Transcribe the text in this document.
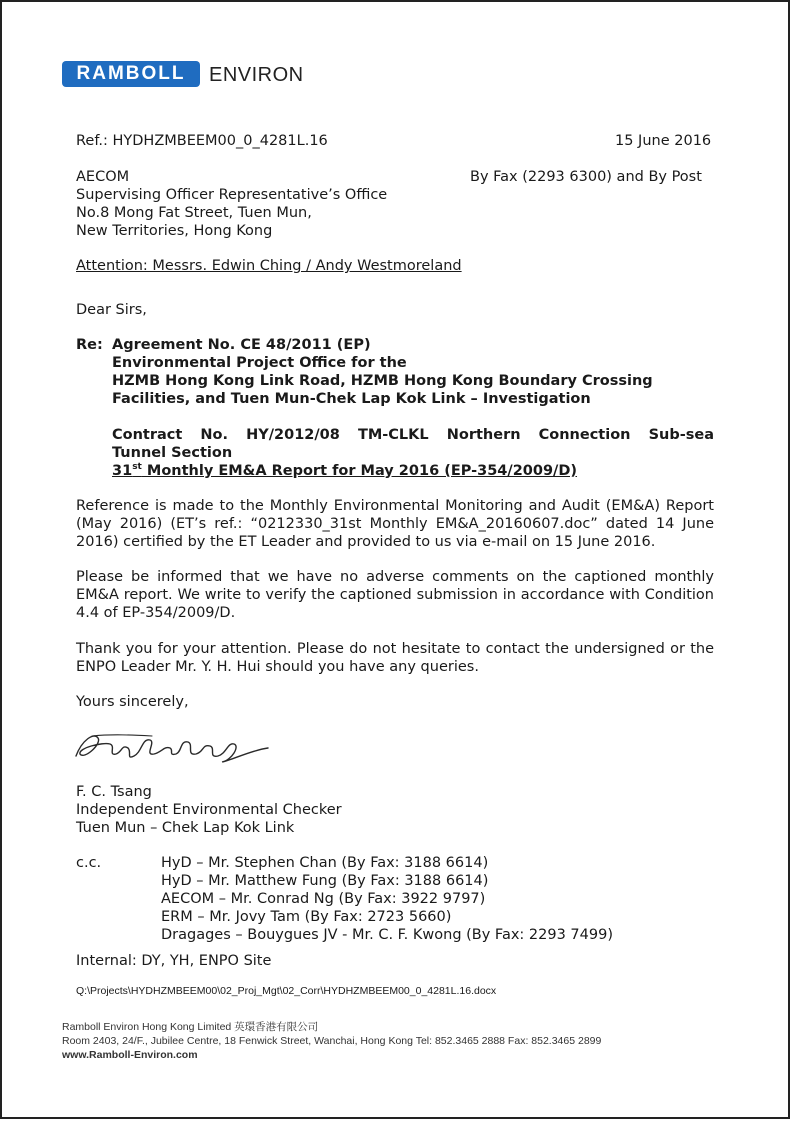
RAMBOLL	ENVIRON
Ref.: HYDHZMBEEM00_0_4281L.16	15 June 2016
AECOM	By Fax (2293 6300) and By Post
Supervising Officer Representative’s Office
No.8 Mong Fat Street, Tuen Mun,
New Territories, Hong Kong
Attention: Messrs. Edwin Ching / Andy Westmoreland
Dear Sirs,
Re: Agreement No. CE 48/2011 (EP)
Environmental Project Office for the
HZMB Hong Kong Link Road, HZMB Hong Kong Boundary Crossing
Facilities, and Tuen Mun-Chek Lap Kok Link – Investigation
Contract No. HY/2012/08 TM-CLKL Northern Connection Sub-sea
Tunnel Section
31st Monthly EM&A Report for May 2016 (EP-354/2009/D)
Reference is made to the Monthly Environmental Monitoring and Audit (EM&A) Report (May 2016) (ET’s ref.: “0212330_31st Monthly EM&A_20160607.doc” dated 14 June 2016) certified by the ET Leader and provided to us via e-mail on 15 June 2016.
Please be informed that we have no adverse comments on the captioned monthly EM&A report. We write to verify the captioned submission in accordance with Condition 4.4 of EP-354/2009/D.
Thank you for your attention. Please do not hesitate to contact the undersigned or the ENPO Leader Mr. Y. H. Hui should you have any queries.
Yours sincerely,
F. C. Tsang
Independent Environmental Checker
Tuen Mun – Chek Lap Kok Link
c.c.	HyD – Mr. Stephen Chan (By Fax: 3188 6614)
HyD – Mr. Matthew Fung (By Fax: 3188 6614)
AECOM – Mr. Conrad Ng (By Fax: 3922 9797)
ERM – Mr. Jovy Tam (By Fax: 2723 5660)
Dragages – Bouygues JV - Mr. C. F. Kwong (By Fax: 2293 7499)
Internal: DY, YH, ENPO Site
Q:\Projects\HYDHZMBEEM00\02_Proj_Mgt\02_Corr\HYDHZMBEEM00_0_4281L.16.docx
Ramboll Environ Hong Kong Limited 英環香港有限公司
Room 2403, 24/F., Jubilee Centre, 18 Fenwick Street, Wanchai, Hong Kong Tel: 852.3465 2888 Fax: 852.3465 2899
www.Ramboll-Environ.com
